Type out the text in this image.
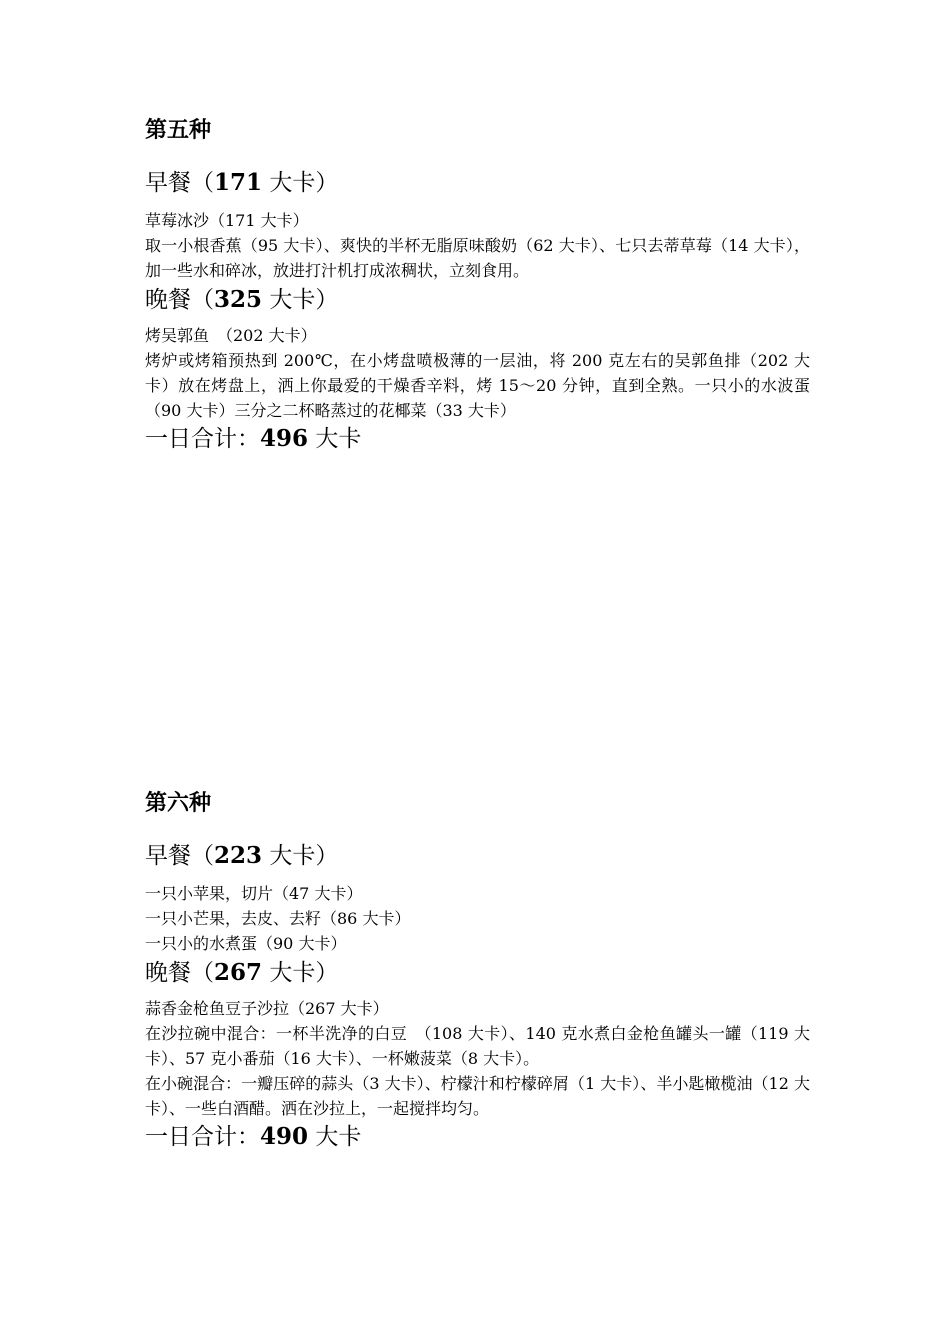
第五种
早餐（171 大卡）

草莓冰沙（171 大卡）

取一小根香蕉（95 大卡）、爽快的半杯无脂原味酸奶（62 大卡）、七只去蒂草莓（14 大卡），加一些水和碎冰，放进打汁机打成浓稠状，立刻食用。

晚餐（325 大卡）

烤吴郭鱼　（202 大卡）

烤炉或烤箱预热到 200℃，在小烤盘喷极薄的一层油，将 200 克左右的吴郭鱼排（202 大卡）放在烤盘上，洒上你最爱的干燥香辛料，烤 15～20 分钟，直到全熟。一只小的水波蛋（90 大卡）三分之二杯略蒸过的花椰菜（33 大卡）

一日合计：496 大卡
第六种
早餐（223 大卡）
一只小苹果，切片（47 大卡）
一只小芒果，去皮、去籽（86 大卡）
一只小的水煮蛋（90 大卡）
晚餐（267 大卡）

蒜香金枪鱼豆子沙拉（267 大卡）

在沙拉碗中混合：一杯半洗净的白豆　（108 大卡）、140 克水煮白金枪鱼罐头一罐（119 大卡）、57 克小番茄（16 大卡）、一杯嫩菠菜（8 大卡）。

在小碗混合：一瓣压碎的蒜头（3 大卡）、柠檬汁和柠檬碎屑（1 大卡）、半小匙橄榄油（12 大卡）、一些白酒醋。洒在沙拉上，一起搅拌均匀。

一日合计：490 大卡
